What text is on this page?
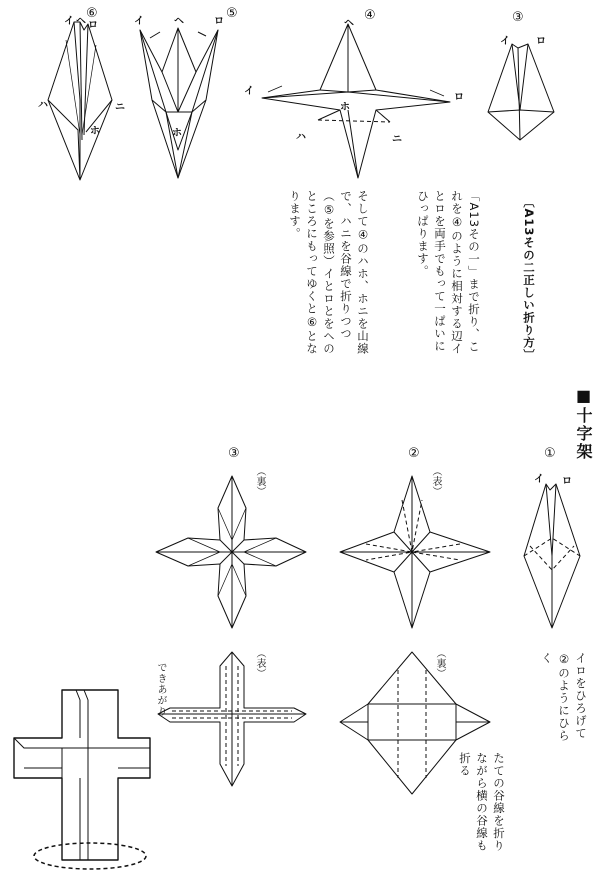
⑥
イ ヘ ロ
ハ	ニ
ホ
⑤
イ	ヘ	ロ
ホ
④
ヘ
イ
ロ
ホ
ハ	ニ
③
イ	ロ
〔A13その二正しい折り方〕
「A13その一」まで折り、これを④のように相対する辺イとロを両手でもって一ぱいにひっぱります。
そして④のハホ、ホニを山線で、ハニを谷線で折りつつ（⑤を参照）イとロとをヘのところにもってゆくと⑥となります。
■十字架
①
イ ロ
②
（表）
③
（裏）
（表）	（裏）	イロをひろげて②のようにひらく
たての谷線を折りながら横の谷線も折る
できあがり
